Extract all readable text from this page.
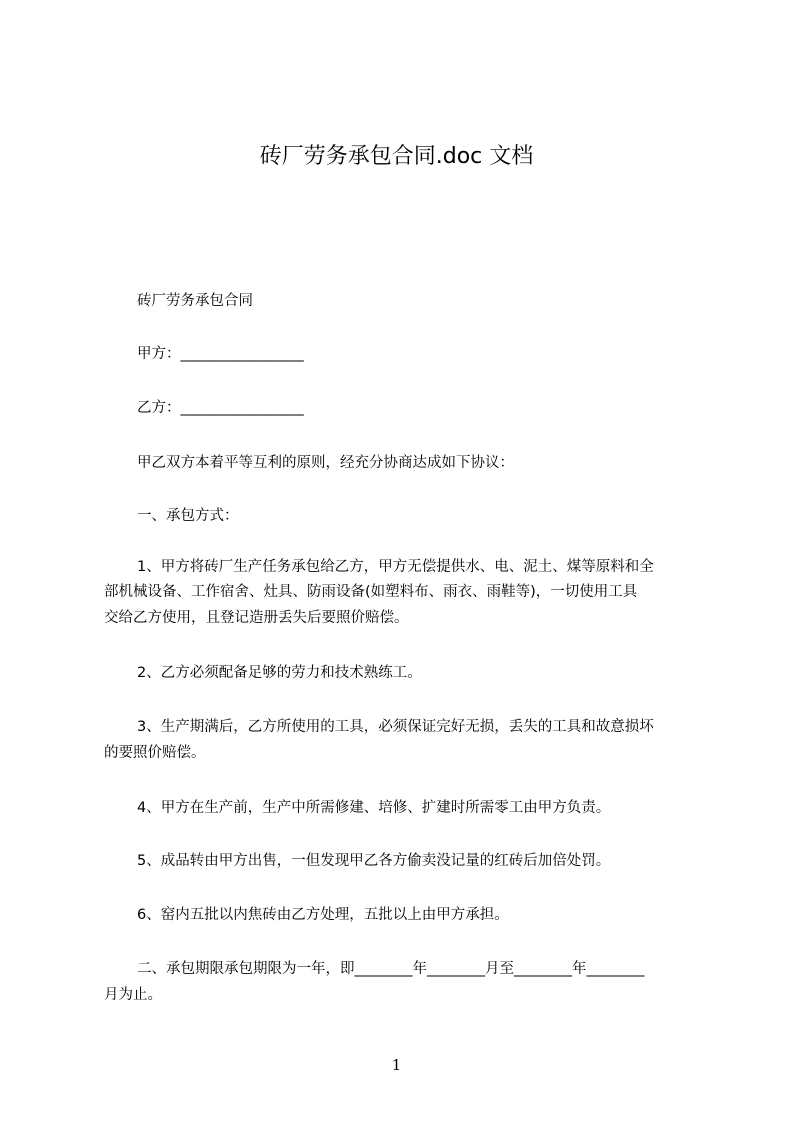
砖厂劳务承包合同.doc 文档
砖厂劳务承包合同
甲方：_________________
乙方：_________________
甲乙双方本着平等互利的原则，经充分协商达成如下协议：
一、承包方式：
1、甲方将砖厂生产任务承包给乙方，甲方无偿提供水、电、泥土、煤等原料和全
部机械设备、工作宿舍、灶具、防雨设备(如塑料布、雨衣、雨鞋等)，一切使用工具
交给乙方使用，且登记造册丢失后要照价赔偿。
2、乙方必须配备足够的劳力和技术熟练工。
3、生产期满后，乙方所使用的工具，必须保证完好无损，丢失的工具和故意损坏
的要照价赔偿。
4、甲方在生产前，生产中所需修建、培修、扩建时所需零工由甲方负责。
5、成品转由甲方出售，一但发现甲乙各方偷卖没记量的红砖后加倍处罚。
6、窑内五批以内焦砖由乙方处理，五批以上由甲方承担。
二、承包期限承包期限为一年，即________年________月至________年________
月为止。
1
